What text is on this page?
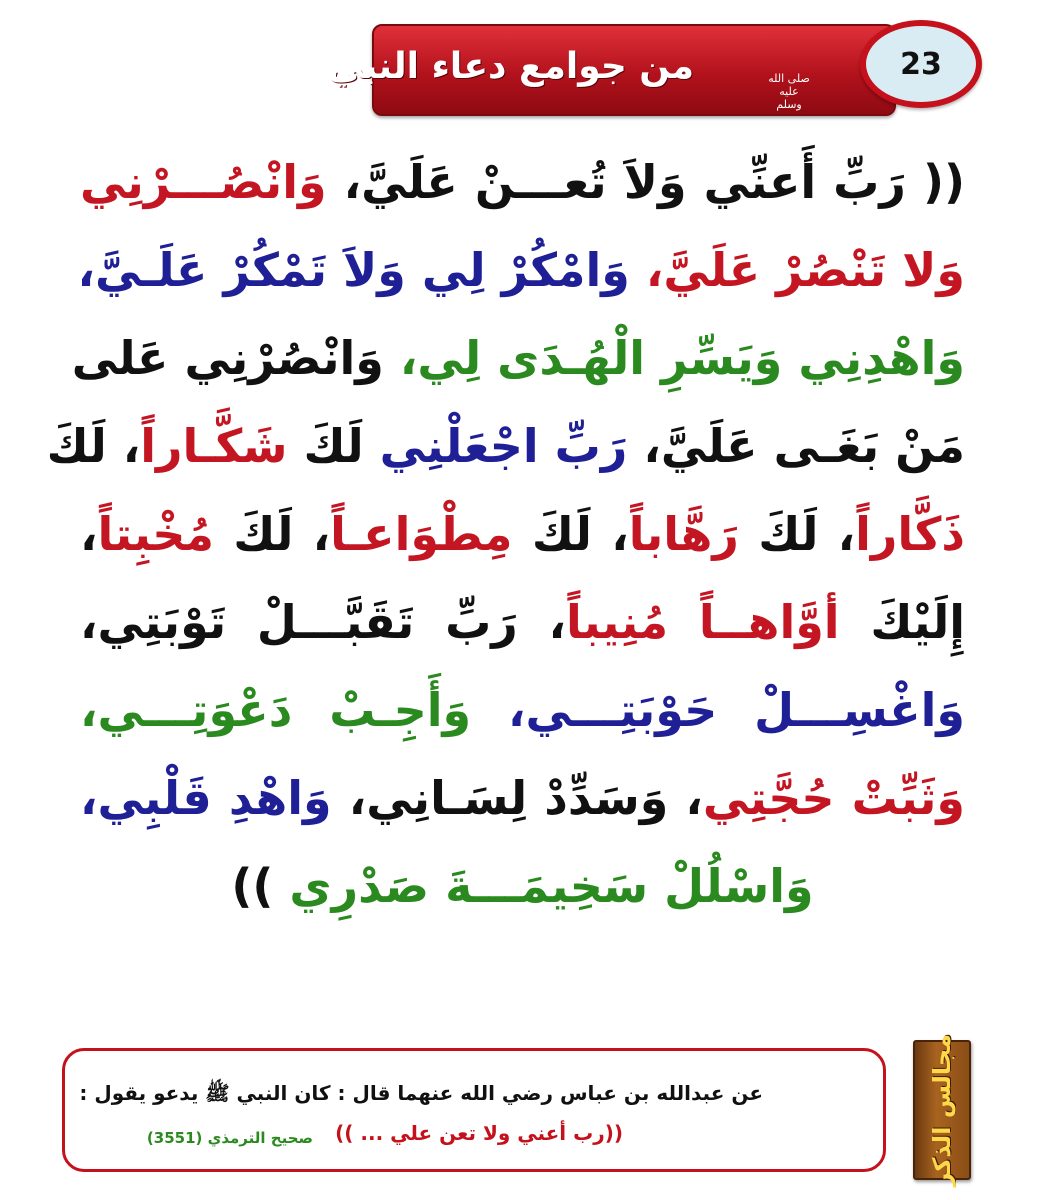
من جوامع دعاء النبي	صلى الله عليه وسلم
23
(( رَبِّ أَعنِّي وَلاَ تُعـــنْ عَلَيَّ، وَانْصُـــرْنِي
وَلا تَنْصُرْ عَلَيَّ، وَامْكُرْ لِي وَلاَ تَمْكُرْ عَلَـيَّ،
وَاهْدِنِي وَيَسِّرِ الْهُـدَى لِي، وَانْصُرْنِي عَلى
مَنْ بَغَـى عَلَيَّ، رَبِّ اجْعَلْنِي لَكَ شَكَّـاراً، لَكَ
ذَكَّاراً، لَكَ رَهَّاباً، لَكَ مِطْوَاعـاً، لَكَ مُخْبِتاً،
إِلَيْكَ أوَّاهــاً مُنِيباً، رَبِّ تَقَبَّـــلْ تَوْبَتِي،
وَاغْسِـــلْ حَوْبَتِـــي، وَأَجِـبْ دَعْوَتِـــي،
وَثَبِّتْ حُجَّتِي، وَسَدِّدْ لِسَـانِي، وَاهْدِ قَلْبِي،
وَاسْلُلْ سَخِيمَـــةَ صَدْرِي ))
عن عبدالله بن عباس رضي الله عنهما قال : كان النبي ﷺ يدعو يقول :
((رب أعني ولا تعن علي ... ))
صحيح الترمذي (3551)	مجالس الذكر
